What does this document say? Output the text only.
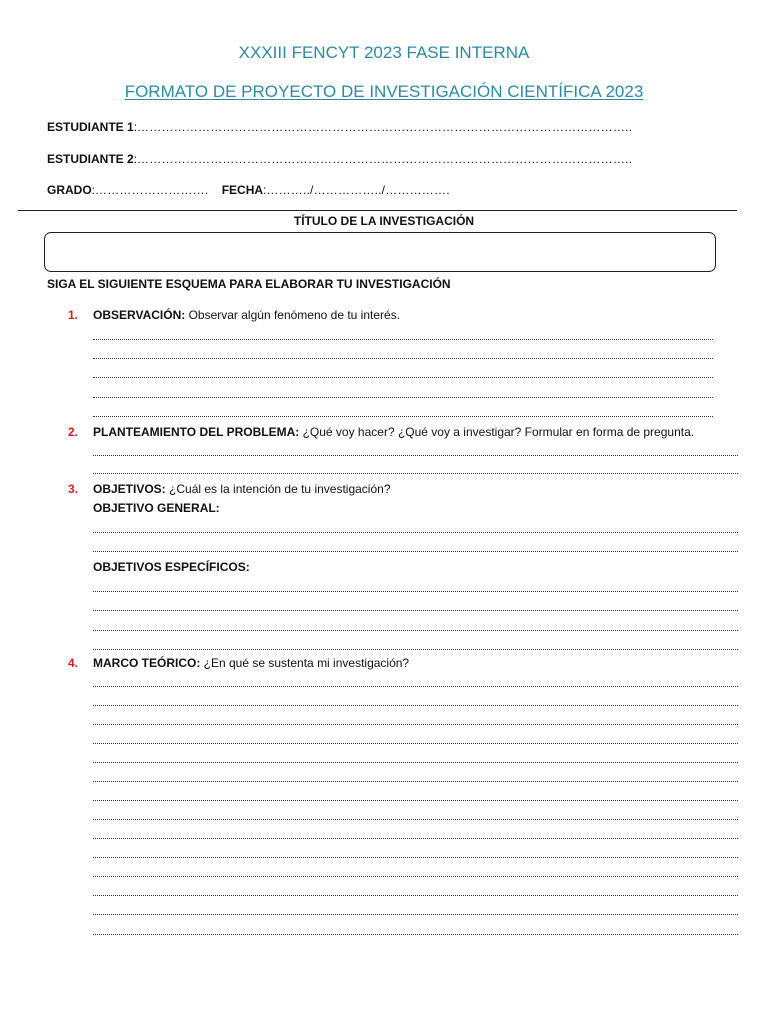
XXXIII FENCYT 2023 FASE INTERNA
FORMATO DE PROYECTO DE INVESTIGACIÓN CIENTÍFICA 2023
ESTUDIANTE 1:…………………………………………………………………………………………………………..
ESTUDIANTE 2:…………………………………………………………………………………………………………..
GRADO:………………………. FECHA:………../……………../…………….
TÍTULO DE LA INVESTIGACIÓN
SIGA EL SIGUIENTE ESQUEMA PARA ELABORAR TU INVESTIGACIÓN
1. OBSERVACIÓN: Observar algún fenómeno de tu interés.
2. PLANTEAMIENTO DEL PROBLEMA: ¿Qué voy hacer? ¿Qué voy a investigar? Formular en forma de pregunta.
3. OBJETIVOS: ¿Cuál es la intención de tu investigación?
OBJETIVO GENERAL:
OBJETIVOS ESPECÍFICOS:
4. MARCO TEÓRICO: ¿En qué se sustenta mi investigación?
